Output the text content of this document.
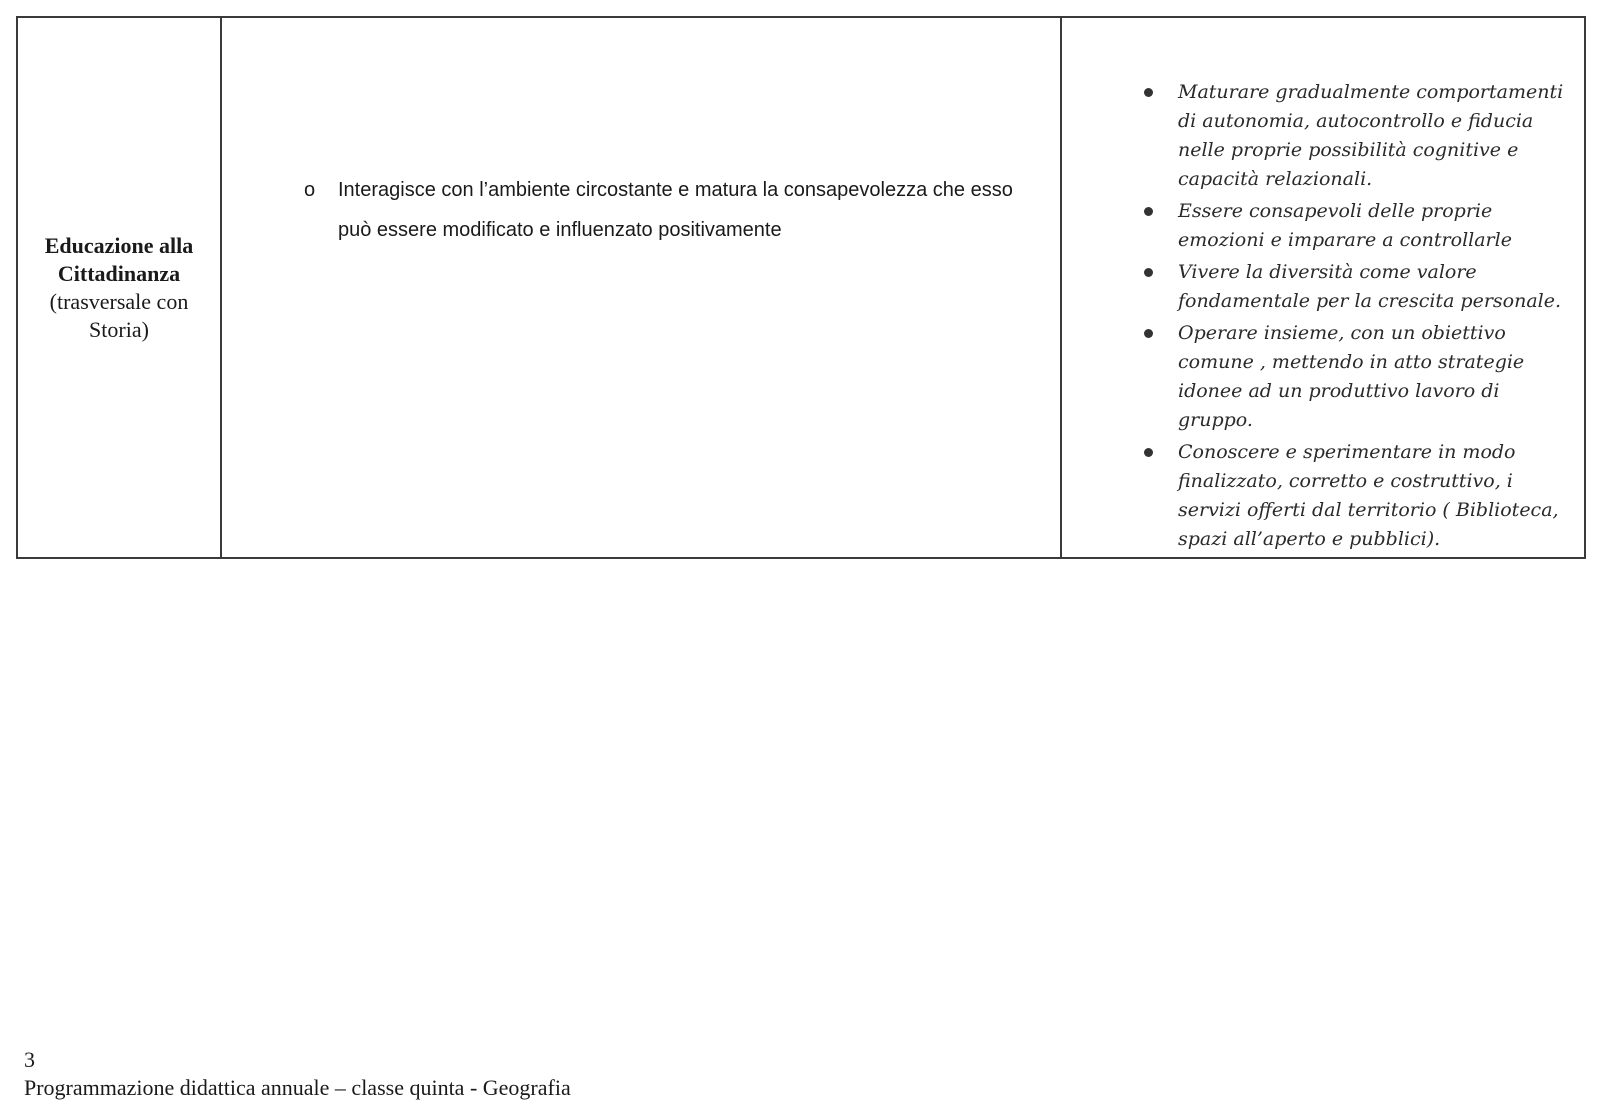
Educazione alla Cittadinanza
(trasversale con Storia)

o Interagisce con l’ambiente circostante e matura la consapevolezza che esso può essere modificato e influenzato positivamente

Maturare gradualmente comportamenti di autonomia, autocontrollo e fiducia nelle proprie possibilità cognitive e capacità relazionali.
Essere consapevoli delle proprie emozioni e imparare a controllarle
Vivere la diversità come valore fondamentale per la crescita personale.
Operare insieme, con un obiettivo comune , mettendo in atto strategie idonee ad un produttivo lavoro di gruppo.
Conoscere e sperimentare in modo finalizzato, corretto e costruttivo, i servizi offerti dal territorio ( Biblioteca, spazi all’aperto e pubblici).
3
Programmazione didattica annuale – classe quinta - Geografia
